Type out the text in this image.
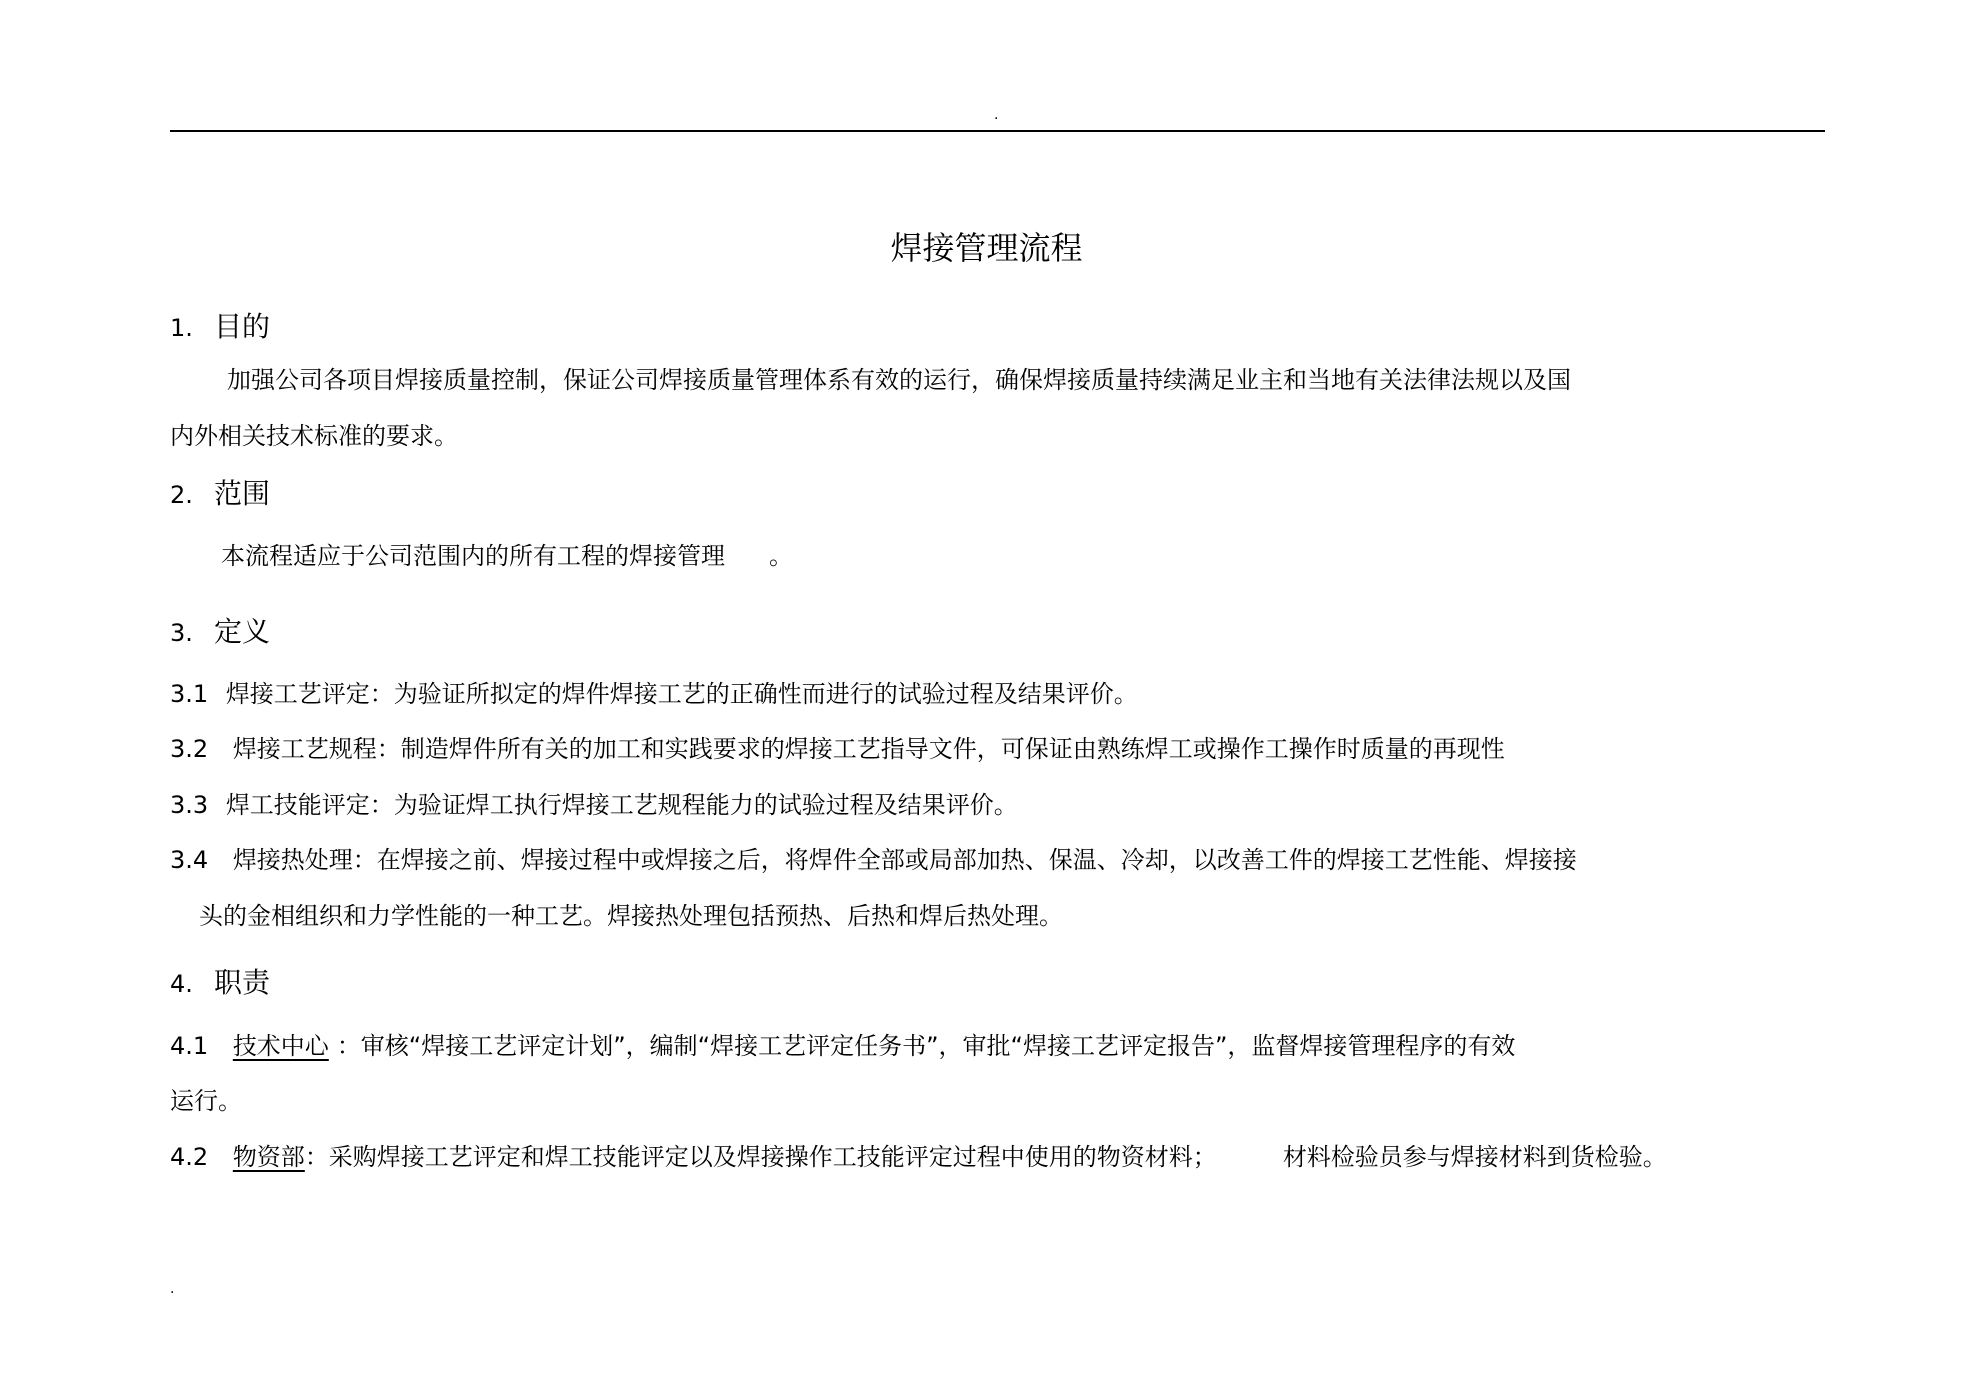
.
焊接管理流程
1. 目的
加强公司各项目焊接质量控制，保证公司焊接质量管理体系有效的运行，确保焊接质量持续满足业主和当地有关法律法规以及国
内外相关技术标准的要求。
2. 范围
本流程适应于公司范围内的所有工程的焊接管理 。
3. 定义
3.1 焊接工艺评定：为验证所拟定的焊件焊接工艺的正确性而进行的试验过程及结果评价。
3.2 焊接工艺规程：制造焊件所有关的加工和实践要求的焊接工艺指导文件，可保证由熟练焊工或操作工操作时质量的再现性
3.3 焊工技能评定：为验证焊工执行焊接工艺规程能力的试验过程及结果评价。
3.4 焊接热处理：在焊接之前、焊接过程中或焊接之后，将焊件全部或局部加热、保温、冷却，以改善工件的焊接工艺性能、焊接接
头的金相组织和力学性能的一种工艺。焊接热处理包括预热、后热和焊后热处理。
4. 职责
4.1 技术中心 ：审核“焊接工艺评定计划”，编制“焊接工艺评定任务书”，审批“焊接工艺评定报告”，监督焊接管理程序的有效
运行。
4.2 物资部：采购焊接工艺评定和焊工技能评定以及焊接操作工技能评定过程中使用的物资材料；	材料检验员参与焊接材料到货检验。
.
